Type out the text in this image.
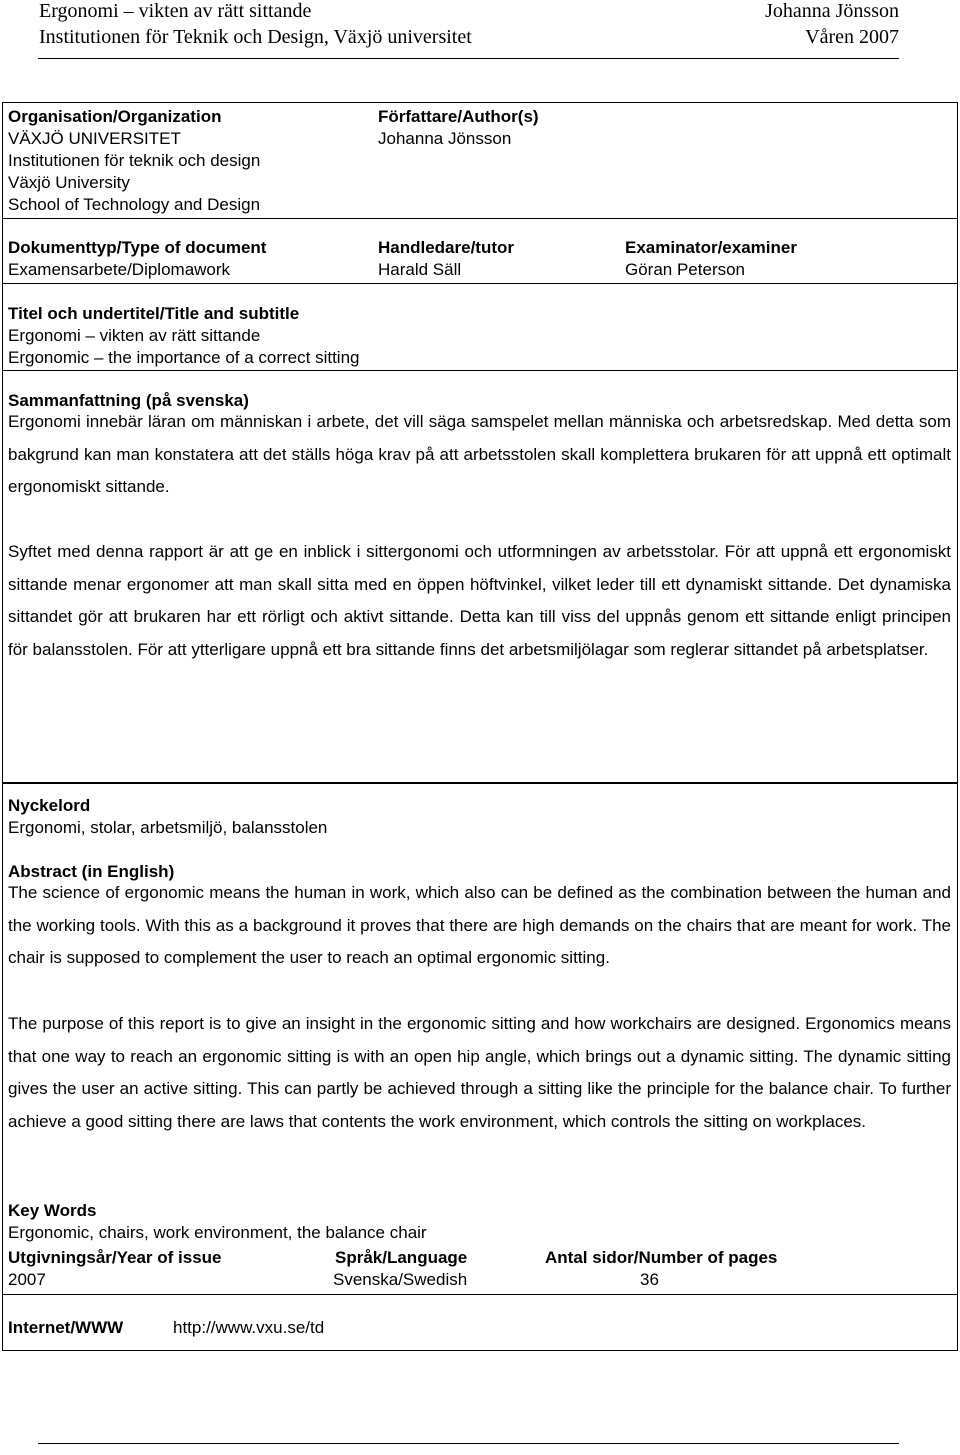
Ergonomi – vikten av rätt sittande	Johanna Jönsson
Institutionen för Teknik och Design, Växjö universitet	Våren 2007
Organisation/Organization
VÄXJÖ UNIVERSITET
Institutionen för teknik och design
Växjö University
School of Technology and Design
Författare/Author(s)
Johanna Jönsson
Dokumenttyp/Type of document
Examensarbete/Diplomawork
Handledare/tutor
Harald Säll
Examinator/examiner
Göran Peterson
Titel och undertitel/Title and subtitle
Ergonomi – vikten av rätt sittande
Ergonomic – the importance of a correct sitting
Sammanfattning (på svenska)
Ergonomi innebär läran om människan i arbete, det vill säga samspelet mellan människa och arbetsredskap. Med detta som bakgrund kan man konstatera att det ställs höga krav på att arbetsstolen skall komplettera brukaren för att uppnå ett optimalt ergonomiskt sittande.
Syftet med denna rapport är att ge en inblick i sittergonomi och utformningen av arbetsstolar. För att uppnå ett ergonomiskt sittande menar ergonomer att man skall sitta med en öppen höftvinkel, vilket leder till ett dynamiskt sittande. Det dynamiska sittandet gör att brukaren har ett rörligt och aktivt sittande. Detta kan till viss del uppnås genom ett sittande enligt principen för balansstolen. För att ytterligare uppnå ett bra sittande finns det arbetsmiljölagar som reglerar sittandet på arbetsplatser.
Nyckelord
Ergonomi, stolar, arbetsmiljö, balansstolen
Abstract (in English)
The science of ergonomic means the human in work, which also can be defined as the combination between the human and the working tools. With this as a background it proves that there are high demands on the chairs that are meant for work. The chair is supposed to complement the user to reach an optimal ergonomic sitting.
The purpose of this report is to give an insight in the ergonomic sitting and how workchairs are designed. Ergonomics means that one way to reach an ergonomic sitting is with an open hip angle, which brings out a dynamic sitting. The dynamic sitting gives the user an active sitting. This can partly be achieved through a sitting like the principle for the balance chair. To further achieve a good sitting there are laws that contents the work environment, which controls the sitting on workplaces.
Key Words
Ergonomic, chairs, work environment, the balance chair
Utgivningsår/Year of issue
2007
Språk/Language
Svenska/Swedish
Antal sidor/Number of pages
36
Internet/WWW	http://www.vxu.se/td
